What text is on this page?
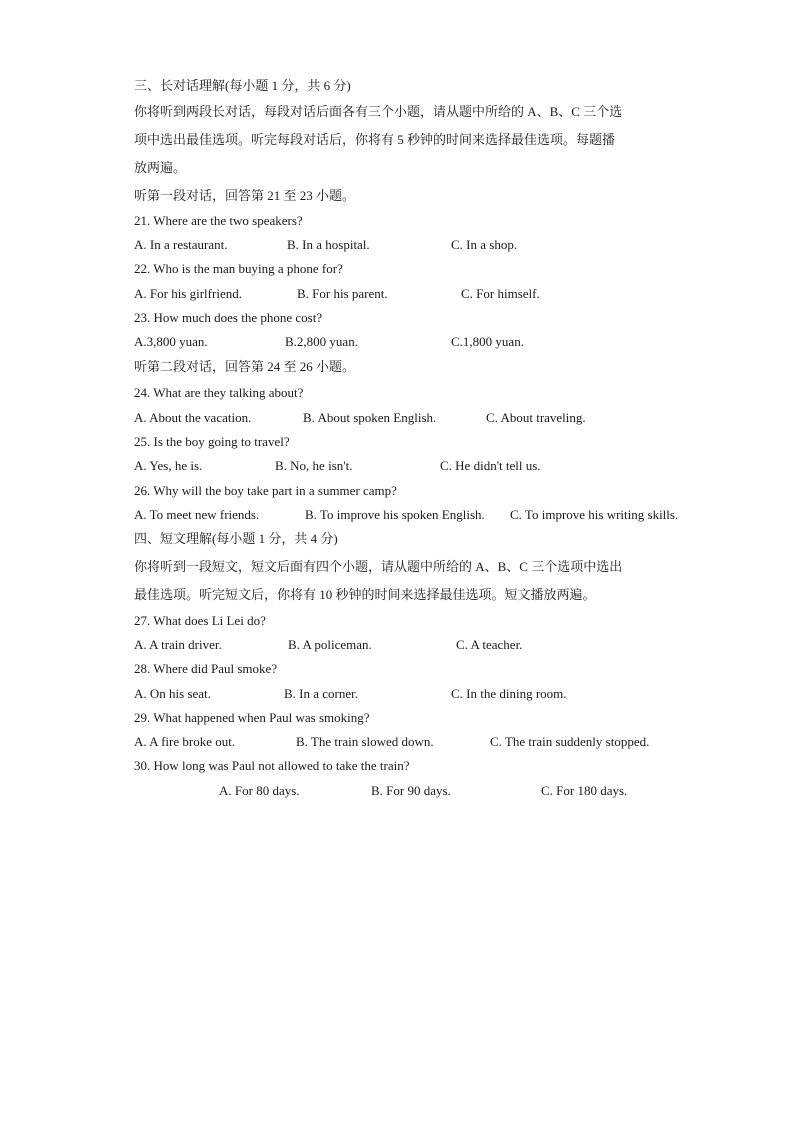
三、长对话理解(每小题 1 分，共 6 分)
你将听到两段长对话，每段对话后面各有三个小题，请从题中所给的 A、B、C 三个选
项中选出最佳选项。听完每段对话后，你将有 5 秒钟的时间来选择最佳选项。每题播
放两遍。
听第一段对话，回答第 21 至 23 小题。
21. Where are the two speakers?
A. In a restaurant.	B. In a hospital.	C. In a shop.
22. Who is the man buying a phone for?
A. For his girlfriend.	B. For his parent.	C. For himself.
23. How much does the phone cost?
A.3,800 yuan.	B.2,800 yuan.	C.1,800 yuan.
听第二段对话，回答第 24 至 26 小题。
24. What are they talking about?
A. About the vacation.	B. About spoken English.	C. About traveling.
25. Is the boy going to travel?
A. Yes, he is.	B. No, he isn't.	C. He didn't tell us.
26. Why will the boy take part in a summer camp?
A. To meet new friends.	B. To improve his spoken English. C. To improve his writing skills.
四、短文理解(每小题 1 分，共 4 分)
你将听到一段短文，短文后面有四个小题，请从题中所给的 A、B、C 三个选项中选出
最佳选项。听完短文后，你将有 10 秒钟的时间来选择最佳选项。短文播放两遍。
27. What does Li Lei do?
A. A train driver.	B. A policeman.	C. A teacher.
28. Where did Paul smoke?
A. On his seat.	B. In a corner.	C. In the dining room.
29. What happened when Paul was smoking?
A. A fire broke out.	B. The train slowed down.	C. The train suddenly stopped.
30. How long was Paul not allowed to take the train?
A. For 80 days.	B. For 90 days.	C. For 180 days.
